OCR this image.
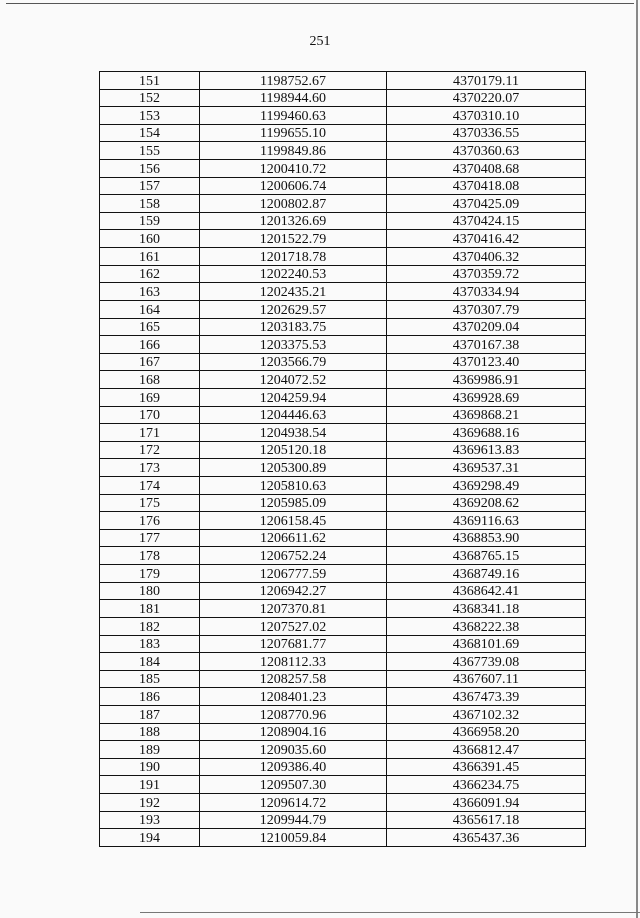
251
151	1198752.67	4370179.11
152	1198944.60	4370220.07
153	1199460.63	4370310.10
154	1199655.10	4370336.55
155	1199849.86	4370360.63
156	1200410.72	4370408.68
157	1200606.74	4370418.08
158	1200802.87	4370425.09
159	1201326.69	4370424.15
160	1201522.79	4370416.42
161	1201718.78	4370406.32
162	1202240.53	4370359.72
163	1202435.21	4370334.94
164	1202629.57	4370307.79
165	1203183.75	4370209.04
166	1203375.53	4370167.38
167	1203566.79	4370123.40
168	1204072.52	4369986.91
169	1204259.94	4369928.69
170	1204446.63	4369868.21
171	1204938.54	4369688.16
172	1205120.18	4369613.83
173	1205300.89	4369537.31
174	1205810.63	4369298.49
175	1205985.09	4369208.62
176	1206158.45	4369116.63
177	1206611.62	4368853.90
178	1206752.24	4368765.15
179	1206777.59	4368749.16
180	1206942.27	4368642.41
181	1207370.81	4368341.18
182	1207527.02	4368222.38
183	1207681.77	4368101.69
184	1208112.33	4367739.08
185	1208257.58	4367607.11
186	1208401.23	4367473.39
187	1208770.96	4367102.32
188	1208904.16	4366958.20
189	1209035.60	4366812.47
190	1209386.40	4366391.45
191	1209507.30	4366234.75
192	1209614.72	4366091.94
193	1209944.79	4365617.18
194	1210059.84	4365437.36
